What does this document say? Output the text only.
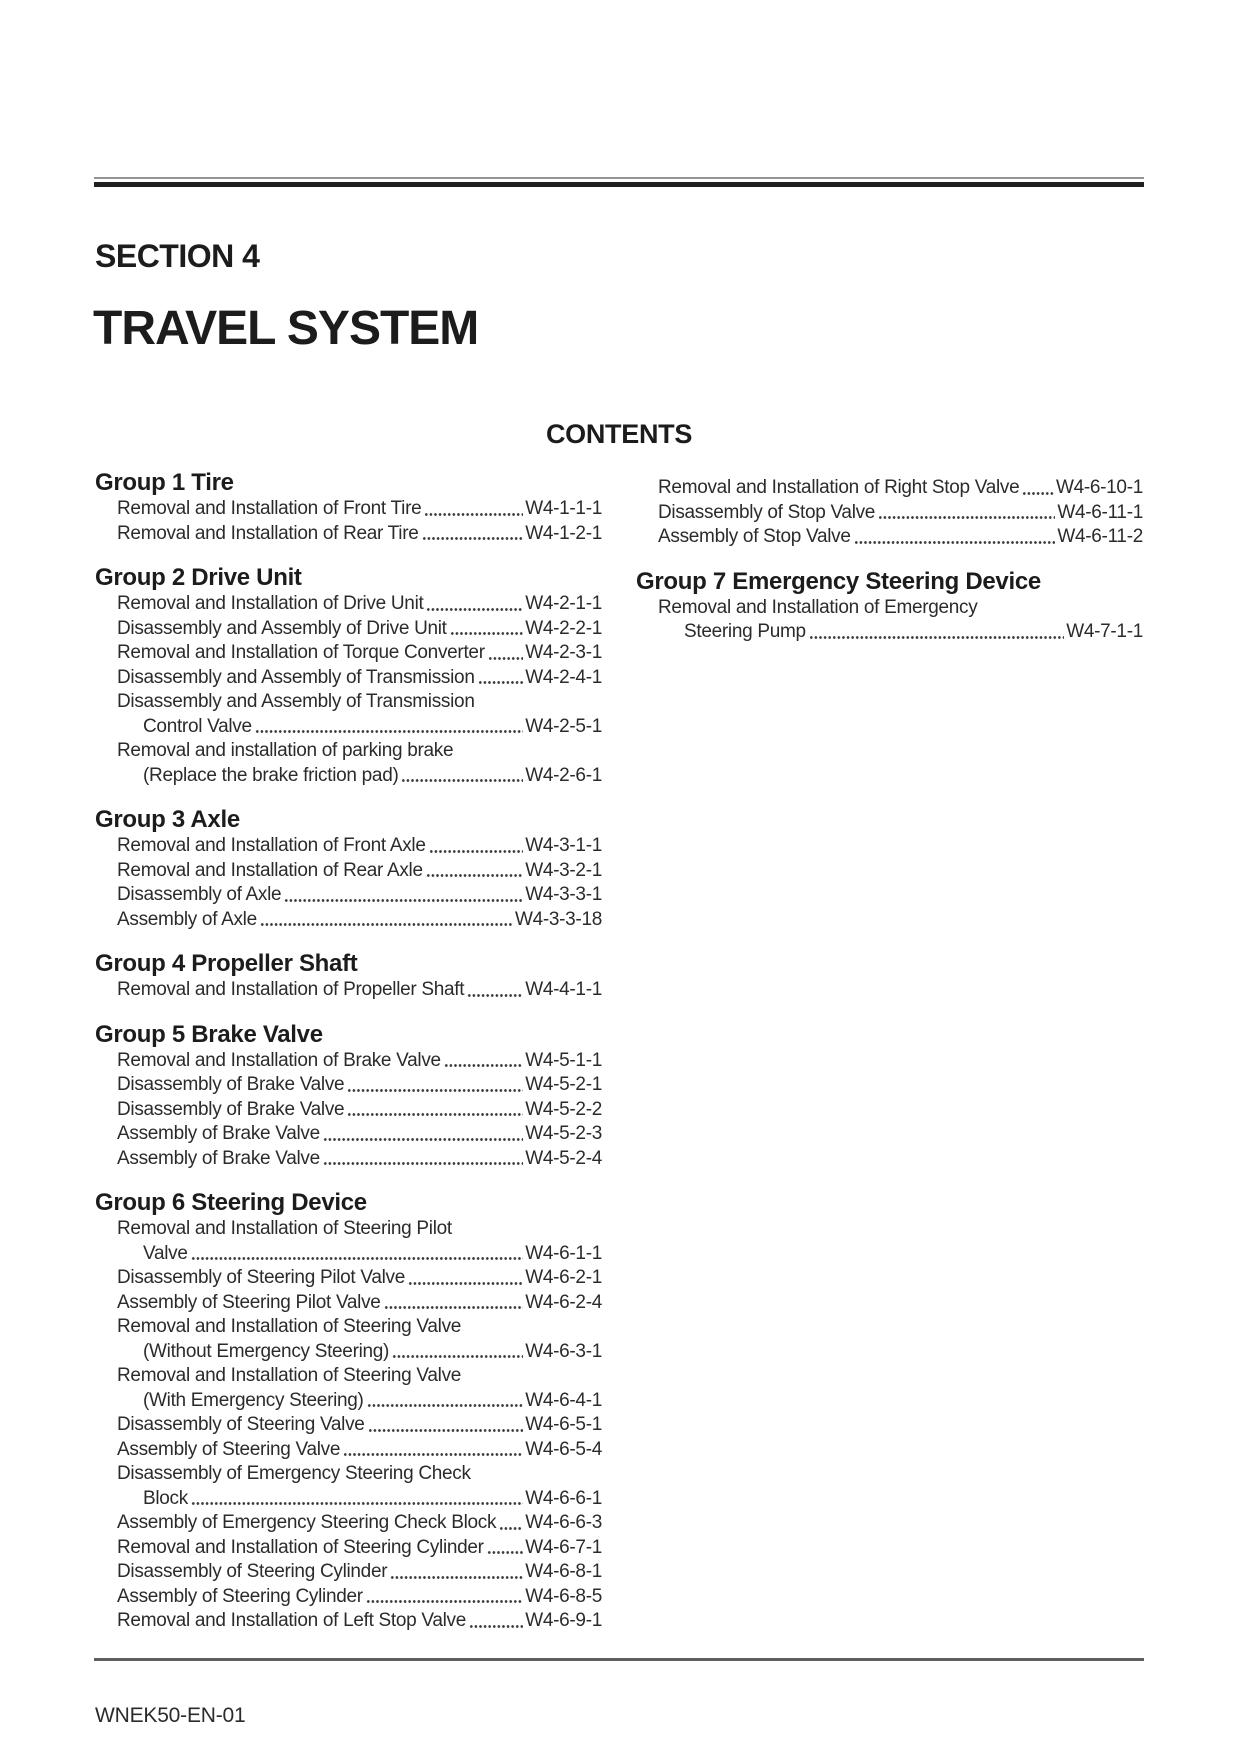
SECTION 4
TRAVEL SYSTEM
CONTENTS
Group 1 Tire
Removal and Installation of Front Tire	W4-1-1-1
Removal and Installation of Rear Tire	W4-1-2-1
Group 2 Drive Unit
Removal and Installation of Drive Unit	W4-2-1-1
Disassembly and Assembly of Drive Unit	W4-2-2-1
Removal and Installation of Torque Converter W4-2-3-1
Disassembly and Assembly of Transmission	W4-2-4-1
Disassembly and Assembly of Transmission
Control Valve	W4-2-5-1
Removal and installation of parking brake
(Replace the brake friction pad)	W4-2-6-1
Group 3 Axle
Removal and Installation of Front Axle	W4-3-1-1
Removal and Installation of Rear Axle	W4-3-2-1
Disassembly of Axle	W4-3-3-1
Assembly of Axle	W4-3-3-18
Group 4 Propeller Shaft
Removal and Installation of Propeller Shaft	W4-4-1-1
Group 5 Brake Valve
Removal and Installation of Brake Valve	W4-5-1-1
Disassembly of Brake Valve	W4-5-2-1
Disassembly of Brake Valve	W4-5-2-2
Assembly of Brake Valve	W4-5-2-3
Assembly of Brake Valve	W4-5-2-4
Group 6 Steering Device
Removal and Installation of Steering Pilot
Valve	W4-6-1-1
Disassembly of Steering Pilot Valve	W4-6-2-1
Assembly of Steering Pilot Valve	W4-6-2-4
Removal and Installation of Steering Valve
(Without Emergency Steering)	W4-6-3-1
Removal and Installation of Steering Valve
(With Emergency Steering)	W4-6-4-1
Disassembly of Steering Valve	W4-6-5-1
Assembly of Steering Valve	W4-6-5-4
Disassembly of Emergency Steering Check
Block	W4-6-6-1
Assembly of Emergency Steering Check Block W4-6-6-3
Removal and Installation of Steering Cylinder W4-6-7-1
Disassembly of Steering Cylinder	W4-6-8-1
Assembly of Steering Cylinder	W4-6-8-5
Removal and Installation of Left Stop Valve	W4-6-9-1
Removal and Installation of Right Stop Valve W4-6-10-1
Disassembly of Stop Valve	W4-6-11-1
Assembly of Stop Valve	W4-6-11-2
Group 7 Emergency Steering Device
Removal and Installation of Emergency
Steering Pump	W4-7-1-1
WNEK50-EN-01
